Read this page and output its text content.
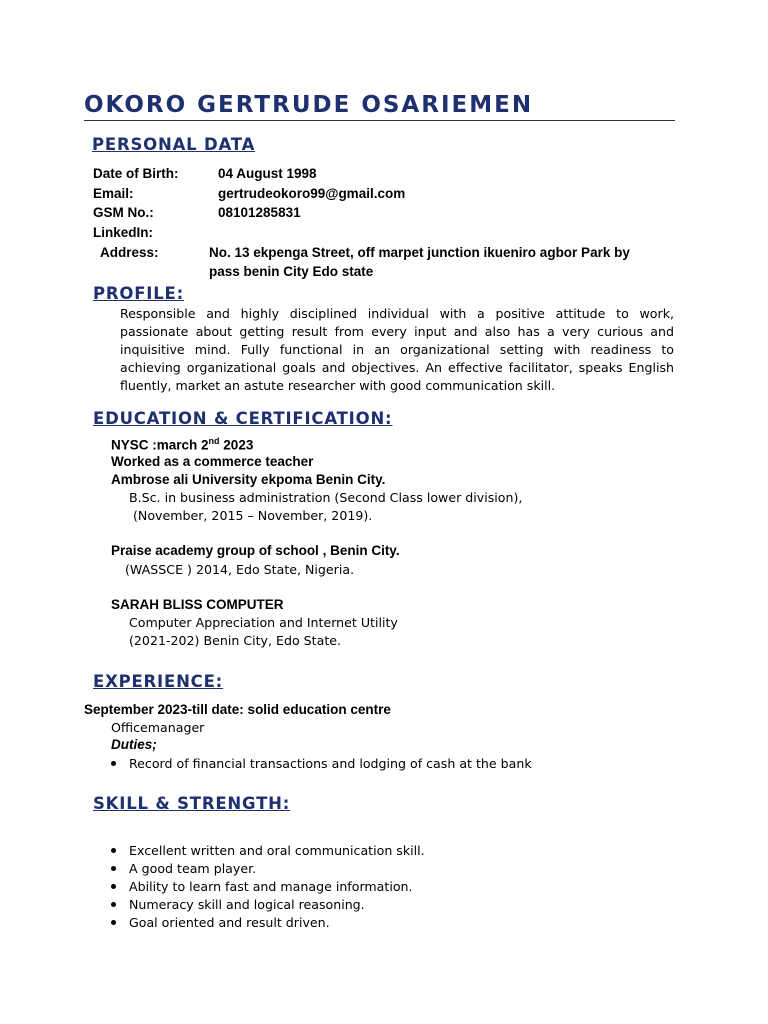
OKORO GERTRUDE OSARIEMEN
PERSONAL DATA
Date of Birth:	04 August 1998
Email:	gertrudeokoro99@gmail.com
GSM No.:	08101285831
LinkedIn:
Address:	No. 13 ekpenga Street, off marpet junction ikueniro agbor Park by
pass benin City Edo state
PROFILE:
Responsible and highly disciplined individual with a positive attitude to work, passionate about getting result from every input and also has a very curious and inquisitive mind. Fully functional in an organizational setting with readiness to achieving organizational goals and objectives. An effective facilitator, speaks English fluently, market an astute researcher with good communication skill.
EDUCATION & CERTIFICATION:
NYSC :march 2nd 2023
Worked as a commerce teacher
Ambrose ali University ekpoma Benin City.
B.Sc. in business administration (Second Class lower division),
(November, 2015 – November, 2019).
Praise academy group of school , Benin City.
(WASSCE ) 2014, Edo State, Nigeria.
SARAH BLISS COMPUTER
Computer Appreciation and Internet Utility
(2021-202) Benin City, Edo State.
EXPERIENCE:
September 2023-till date: solid education centre
Officemanager
Duties;
Record of financial transactions and lodging of cash at the bank
SKILL & STRENGTH:
Excellent written and oral communication skill.
A good team player.
Ability to learn fast and manage information.
Numeracy skill and logical reasoning.
Goal oriented and result driven.
